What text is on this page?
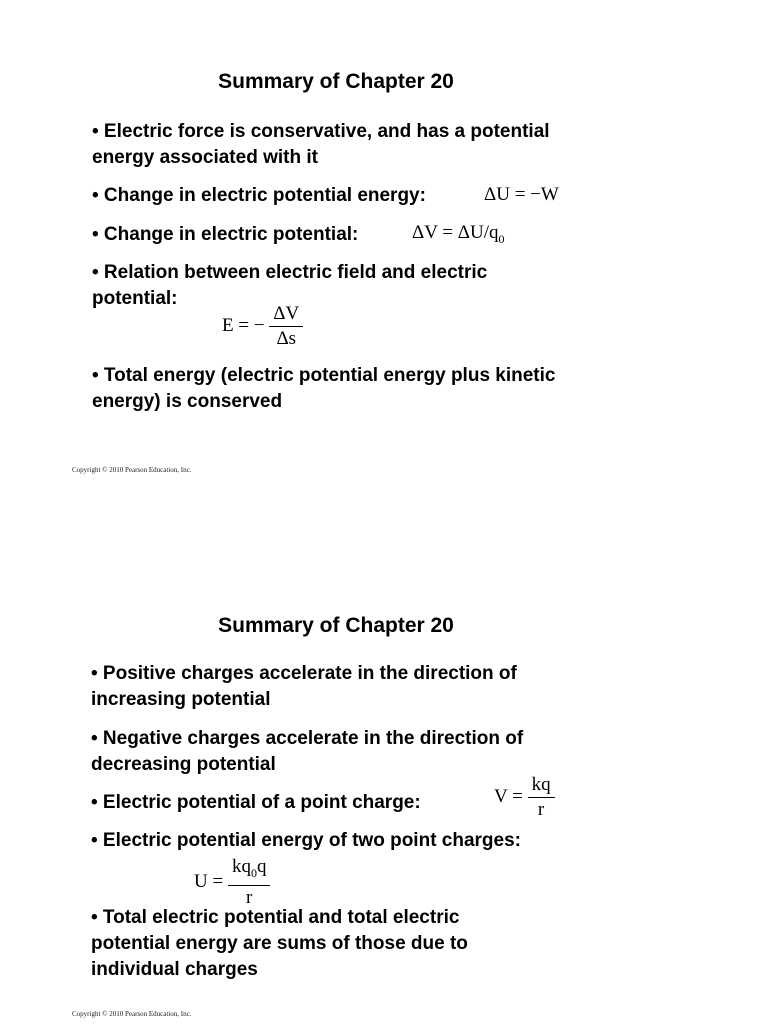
Summary of Chapter 20
• Electric force is conservative, and has a potential energy associated with it
• Change in electric potential energy:	ΔU = −W
• Change in electric potential:	$\Delta V = \Delta U/q_0$
• Relation between electric field and electric potential:
E = − $\frac{\Delta V}{\Delta s}$
• Total energy (electric potential energy plus kinetic energy) is conserved
Copyright © 2010 Pearson Education, Inc.
Summary of Chapter 20
• Positive charges accelerate in the direction of increasing potential
• Negative charges accelerate in the direction of decreasing potential
• Electric potential of a point charge:	$V = \frac{kq}{r}$
• Electric potential energy of two point charges:
$U = \frac{kq_0q}{r}$
• Total electric potential and total electric potential energy are sums of those due to individual charges
Copyright © 2010 Pearson Education, Inc.
